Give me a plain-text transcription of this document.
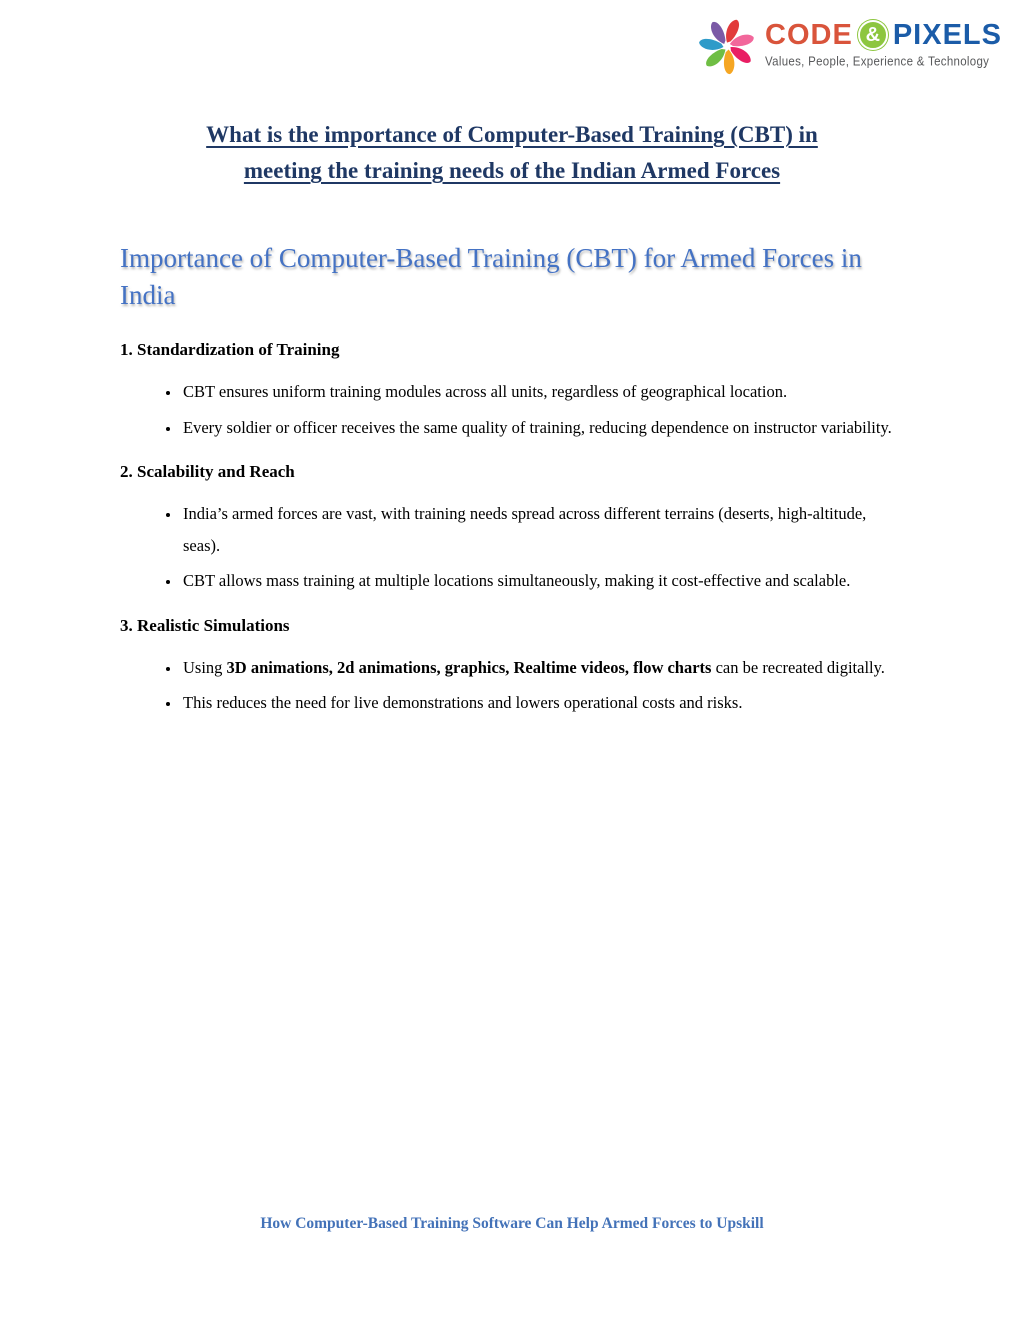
CODE & PIXELS
Values, People, Experience & Technology
What is the importance of Computer-Based Training (CBT) in
meeting the training needs of the Indian Armed Forces
Importance of Computer-Based Training (CBT) for Armed Forces in
India
1. Standardization of Training
• CBT ensures uniform training modules across all units, regardless of geographical location.
• Every soldier or officer receives the same quality of training, reducing dependence on instructor variability.
2. Scalability and Reach
• India’s armed forces are vast, with training needs spread across different terrains (deserts, high-altitude, seas).
• CBT allows mass training at multiple locations simultaneously, making it cost-effective and scalable.
3. Realistic Simulations
• Using 3D animations, 2d animations, graphics, Realtime videos, flow charts can be recreated digitally.
• This reduces the need for live demonstrations and lowers operational costs and risks.
How Computer-Based Training Software Can Help Armed Forces to Upskill
